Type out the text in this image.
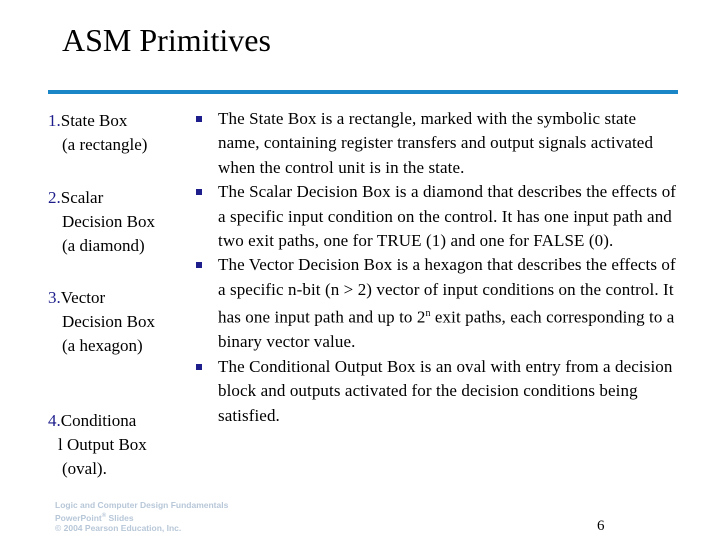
ASM Primitives
1.State Box
(a rectangle)
2.Scalar
Decision Box
(a diamond)
3.Vector
Decision Box
(a hexagon)
4.Conditiona
l Output Box
(oval).
The State Box is a rectangle, marked with the symbolic state name, containing register transfers and output signals activated when the control unit is in the state.
The Scalar Decision Box is a diamond that describes the effects of a specific input condition on the control. It has one input path and two exit paths, one for TRUE (1) and one for FALSE (0).
The Vector Decision Box is a hexagon that describes the effects of a specific n-bit (n > 2) vector of input conditions on the control. It has one input path and up to 2$^n$ exit paths, each corresponding to a binary vector value.
The Conditional Output Box is an oval with entry from a decision block and outputs activated for the decision conditions being satisfied.
Logic and Computer Design Fundamentals
PowerPoint® Slides
© 2004 Pearson Education, Inc.	6
